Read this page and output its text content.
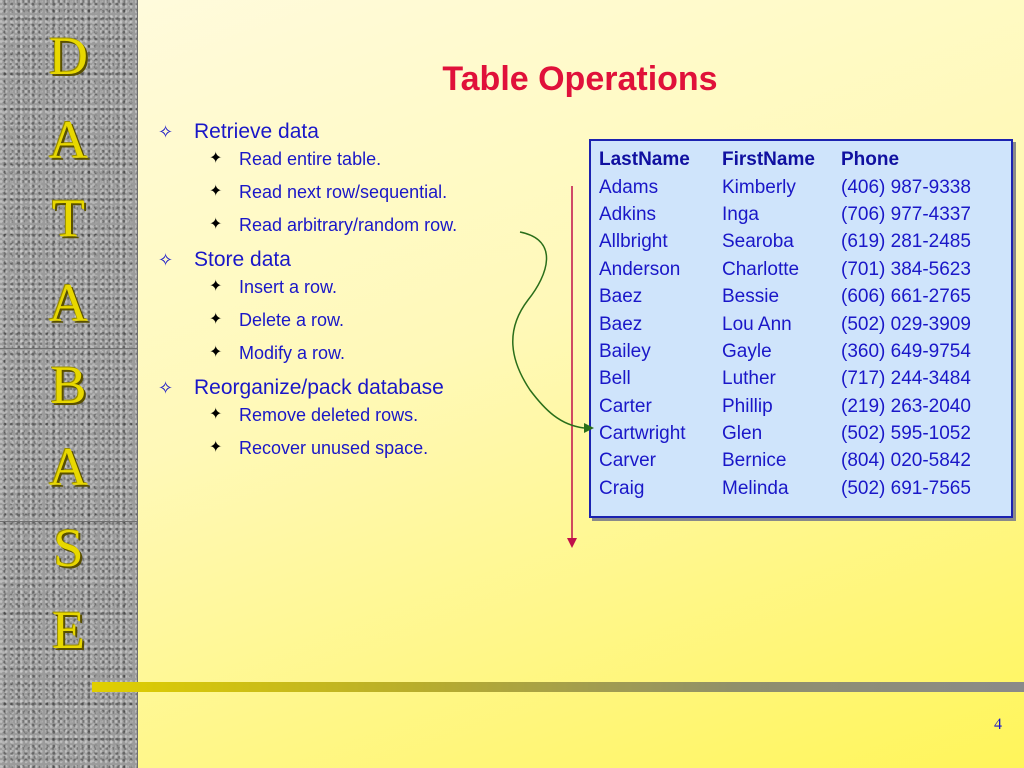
D
A
T
A
B
A
S
E
Table Operations
✧ Retrieve data
✦ Read entire table.
✦ Read next row/sequential.
✦ Read arbitrary/random row.
✧ Store data
✦ Insert a row.
✦ Delete a row.
✦ Modify a row.
✧ Reorganize/pack database
✦ Remove deleted rows.
✦ Recover unused space.
LastName	FirstName	Phone
Adams	Kimberly	(406) 987-9338
Adkins	Inga	(706) 977-4337
Allbright	Searoba	(619) 281-2485
Anderson	Charlotte	(701) 384-5623
Baez	Bessie	(606) 661-2765
Baez	Lou Ann	(502) 029-3909
Bailey	Gayle	(360) 649-9754
Bell	Luther	(717) 244-3484
Carter	Phillip	(219) 263-2040
Cartwright	Glen	(502) 595-1052
Carver	Bernice	(804) 020-5842
Craig	Melinda	(502) 691-7565
4
